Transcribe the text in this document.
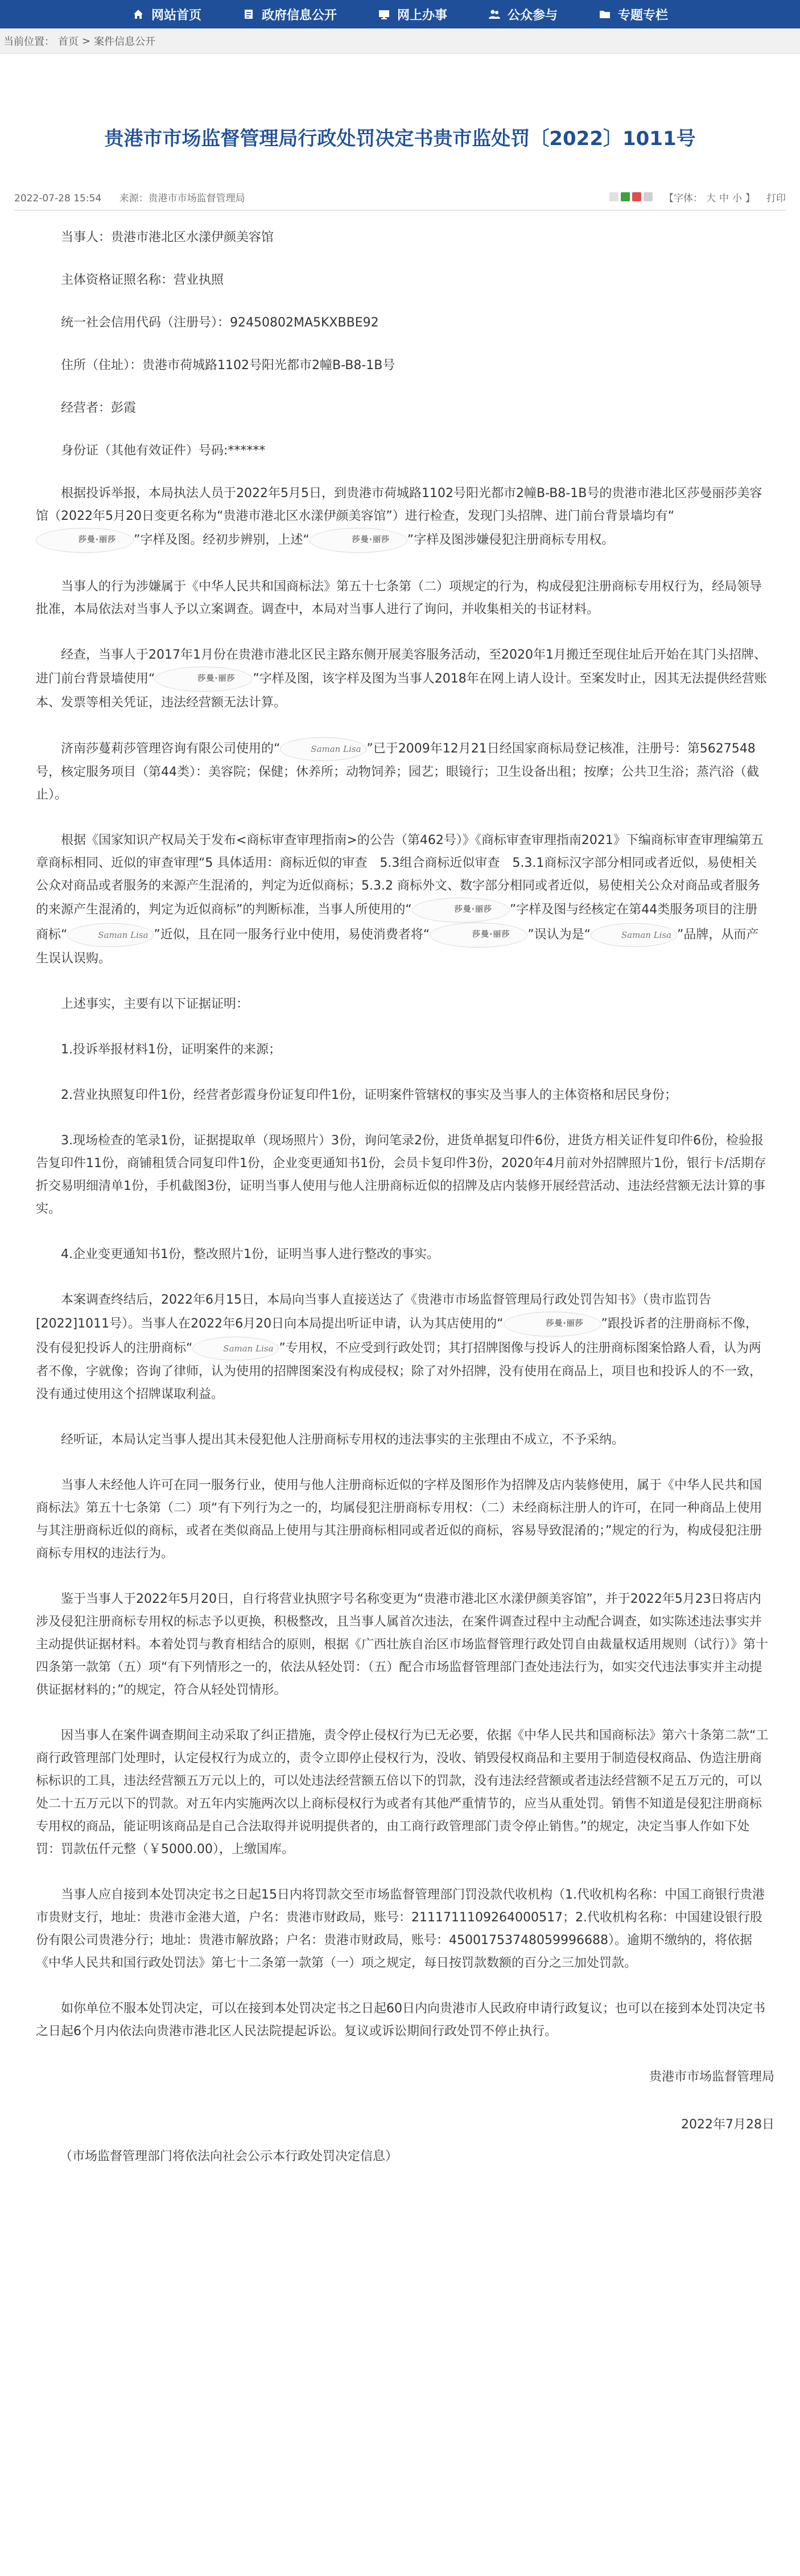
网站首页	政府信息公开	网上办事	公众参与	专题专栏
当前位置： 首页 > 案件信息公开
贵港市市场监督管理局行政处罚决定书贵市监处罚〔2022〕1011号
2022-07-28 15:54 来源：贵港市市场监督管理局	【字体： 大 中 小 】 打印

当事人：贵港市港北区水漾伊颜美容馆

主体资格证照名称：营业执照

统一社会信用代码（注册号）：92450802MA5KXBBE92

住所（住址）：贵港市荷城路1102号阳光都市2幢B-B8-1B号

经营者：彭霞

身份证（其他有效证件）号码:******

根据投诉举报，本局执法人员于2022年5月5日，到贵港市荷城路1102号阳光都市2幢B-B8-1B号的贵港市港北区莎曼丽莎美容馆（2022年5月20日变更名称为“贵港市港北区水漾伊颜美容馆”）进行检查，发现门头招牌、进门前台背景墙均有“莎曼·丽莎 ”字样及图。经初步辨别，上述“	莎曼·丽莎 ”字样及图涉嫌侵犯注册商标专用权。

当事人的行为涉嫌属于《中华人民共和国商标法》第五十七条第（二）项规定的行为，构成侵犯注册商标专用权行为，经局领导批准，本局依法对当事人予以立案调查。调查中，本局对当事人进行了询问，并收集相关的书证材料。

经查，当事人于2017年1月份在贵港市港北区民主路东侧开展美容服务活动，至2020年1月搬迁至现住址后开始在其门头招牌、进门前台背景墙使用“	莎曼·丽莎 ”字样及图，该字样及图为当事人2018年在网上请人设计。至案发时止，因其无法提供经营账本、发票等相关凭证，违法经营额无法计算。

济南莎蔓莉莎管理咨询有限公司使用的“	Saman Lisa ”已于2009年12月21日经国家商标局登记核准，注册号：第5627548号，核定服务项目（第44类）：美容院；保健；休养所；动物饲养；园艺；眼镜行；卫生设备出租；按摩；公共卫生浴；蒸汽浴（截止）。

根据《国家知识产权局关于发布<商标审查审理指南>的公告（第462号）》《商标审查审理指南2021》下编商标审查审理编第五章商标相同、近似的审查审理“5 具体适用：商标近似的审查　5.3组合商标近似审查　5.3.1商标汉字部分相同或者近似，易使相关公众对商品或者服务的来源产生混淆的，判定为近似商标；5.3.2 商标外文、数字部分相同或者近似，易使相关公众对商品或者服务的来源产生混淆的，判定为近似商标”的判断标准，当事人所使用的“	莎曼·丽莎 ”字样及图与经核定在第44类服务项目的注册商标“	Saman Lisa ”近似，且在同一服务行业中使用，易使消费者将“	莎曼·丽莎 ”误认为是“	Saman Lisa ”品牌，从而产生误认误购。

上述事实，主要有以下证据证明：

1.投诉举报材料1份，证明案件的来源；

2.营业执照复印件1份，经营者彭霞身份证复印件1份，证明案件管辖权的事实及当事人的主体资格和居民身份；

3.现场检查的笔录1份，证据提取单（现场照片）3份，询问笔录2份，进货单据复印件6份，进货方相关证件复印件6份，检验报告复印件11份，商铺租赁合同复印件1份，企业变更通知书1份，会员卡复印件3份，2020年4月前对外招牌照片1份，银行卡/活期存折交易明细清单1份，手机截图3份，证明当事人使用与他人注册商标近似的招牌及店内装修开展经营活动、违法经营额无法计算的事实。

4.企业变更通知书1份，整改照片1份，证明当事人进行整改的事实。

本案调查终结后，2022年6月15日，本局向当事人直接送达了《贵港市市场监督管理局行政处罚告知书》（贵市监罚告[2022]1011号）。当事人在2022年6月20日向本局提出听证申请，认为其店使用的“	莎曼·丽莎 ”跟投诉者的注册商标不像，没有侵犯投诉人的注册商标“	Saman Lisa ”专用权，不应受到行政处罚；其打招牌图像与投诉人的注册商标图案恰路人看，认为两者不像，字就像；咨询了律师，认为使用的招牌图案没有构成侵权；除了对外招牌，没有使用在商品上，项目也和投诉人的不一致，没有通过使用这个招牌谋取利益。

经听证，本局认定当事人提出其未侵犯他人注册商标专用权的违法事实的主张理由不成立，不予采纳。

当事人未经他人许可在同一服务行业，使用与他人注册商标近似的字样及图形作为招牌及店内装修使用，属于《中华人民共和国商标法》第五十七条第（二）项“有下列行为之一的，均属侵犯注册商标专用权：（二）未经商标注册人的许可，在同一种商品上使用与其注册商标近似的商标，或者在类似商品上使用与其注册商标相同或者近似的商标，容易导致混淆的；”规定的行为，构成侵犯注册商标专用权的违法行为。

鉴于当事人于2022年5月20日，自行将营业执照字号名称变更为“贵港市港北区水漾伊颜美容馆”，并于2022年5月23日将店内涉及侵犯注册商标专用权的标志予以更换，积极整改，且当事人属首次违法，在案件调查过程中主动配合调查，如实陈述违法事实并主动提供证据材料。本着处罚与教育相结合的原则，根据《广西壮族自治区市场监督管理行政处罚自由裁量权适用规则（试行）》第十四条第一款第（五）项“有下列情形之一的，依法从轻处罚：（五）配合市场监督管理部门查处违法行为，如实交代违法事实并主动提供证据材料的；”的规定，符合从轻处罚情形。

因当事人在案件调查期间主动采取了纠正措施，责令停止侵权行为已无必要，依据《中华人民共和国商标法》第六十条第二款“工商行政管理部门处理时，认定侵权行为成立的，责令立即停止侵权行为，没收、销毁侵权商品和主要用于制造侵权商品、伪造注册商标标识的工具，违法经营额五万元以上的，可以处违法经营额五倍以下的罚款，没有违法经营额或者违法经营额不足五万元的，可以处二十五万元以下的罚款。对五年内实施两次以上商标侵权行为或者有其他严重情节的，应当从重处罚。销售不知道是侵犯注册商标专用权的商品，能证明该商品是自己合法取得并说明提供者的，由工商行政管理部门责令停止销售。”的规定，决定当事人作如下处罚：罚款伍仟元整（￥5000.00），上缴国库。

当事人应自接到本处罚决定书之日起15日内将罚款交至市场监督管理部门罚没款代收机构（1.代收机构名称：中国工商银行贵港市贵财支行，地址：贵港市金港大道，户名：贵港市财政局，账号：2111711109264000517；2.代收机构名称：中国建设银行股份有限公司贵港分行；地址：贵港市解放路；户名：贵港市财政局，账号：45001753748059996688）。逾期不缴纳的，将依据《中华人民共和国行政处罚法》第七十二条第一款第（一）项之规定，每日按罚款数额的百分之三加处罚款。

如你单位不服本处罚决定，可以在接到本处罚决定书之日起60日内向贵港市人民政府申请行政复议；也可以在接到本处罚决定书之日起6个月内依法向贵港市港北区人民法院提起诉讼。复议或诉讼期间行政处罚不停止执行。

贵港市市场监督管理局
2022年7月28日
（市场监督管理部门将依法向社会公示本行政处罚决定信息）
